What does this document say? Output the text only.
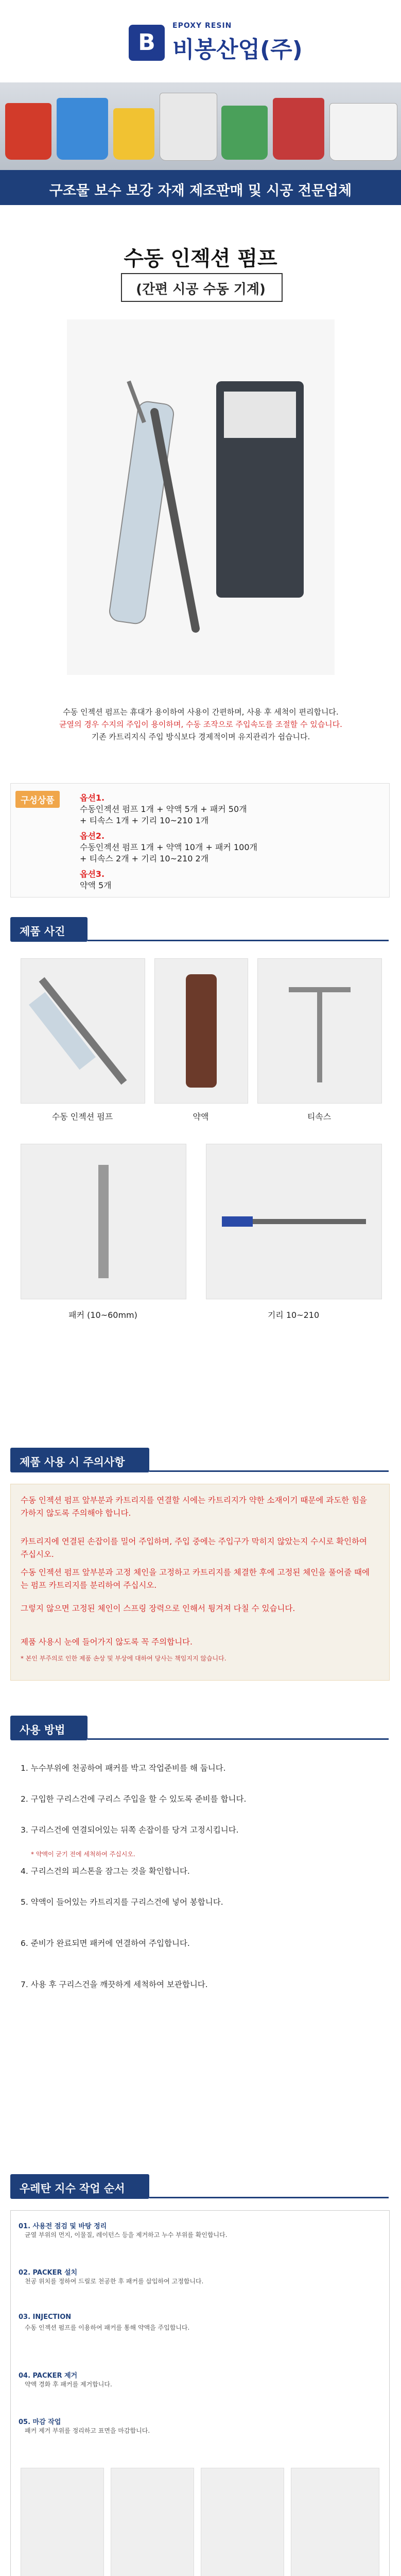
B
EPOXY RESIN
비봉산업(주)
구조물 보수 보강 자재 제조판매 및 시공 전문업체
수동 인젝션 펌프
(간편 시공 수동 기계)
수동 인젝션 펌프는 휴대가 용이하여 사용이 간편하며, 사용 후 세척이 편리합니다.
균열의 경우 수지의 주입이 용이하며, 수동 조작으로 주입속도를 조절할 수 있습니다.
기존 카트리지식 주입 방식보다 경제적이며 유지관리가 쉽습니다.
구성상품	옵션1.
수동인젝션 펌프 1개 + 약액 5개 + 패커 50개
+ 티속스 1개 + 기리 10~210 1개
옵션2.
수동인젝션 펌프 1개 + 약액 10개 + 패커 100개
+ 티속스 2개 + 기리 10~210 2개
옵션3.
약액 5개
제품 사진
수동 인젝션 펌프	약액	티속스
패커 (10~60mm)	기리 10~210
제품 사용 시 주의사항
수동 인젝션 펌프 앞부분과 카트리지를 연결할 시에는 카트리지가 약한 소재이기 때문에 과도한 힘을 가하지 않도록 주의해야 합니다.
카트리지에 연결된 손잡이를 밀어 주입하며, 주입 중에는 주입구가 막히지 않았는지 수시로 확인하여 주십시오.
수동 인젝션 펌프 앞부분과 고정 체인을 고정하고 카트리지를 체결한 후에 고정된 체인을 풀어줄 때에는 펌프 카트리지를 분리하여 주십시오.
그렇지 않으면 고정된 체인이 스프링 장력으로 인해서 튕겨져 다칠 수 있습니다.
제품 사용시 눈에 들어가지 않도록 꼭 주의합니다.
* 본인 부주의로 인한 제품 손상 및 부상에 대하여 당사는 책임지지 않습니다.
사용 방법
1. 누수부위에 천공하여 패커를 박고 작업준비를 해 둡니다.
2. 구입한 구리스건에 구리스 주입을 할 수 있도록 준비를 합니다.
3. 구리스건에 연결되어있는 뒤쪽 손잡이를 당겨 고정시킵니다.
4. 구리스건의 피스톤을 잠그는 것을 확인합니다.
5. 약액이 들어있는 카트리지를 구리스건에 넣어 봉합니다.
6. 준비가 완료되면 패커에 연결하여 주입합니다.
7. 사용 후 구리스건을 깨끗하게 세척하여 보관합니다.
* 약액이 굳기 전에 세척하여 주십시오.
우레탄 지수 작업 순서
01. 사용전 점검 및 바탕 정리
균열 부위의 먼지, 이물질, 레이턴스 등을 제거하고 누수 부위를 확인합니다.
02. PACKER 설치
천공 위치를 정하여 드릴로 천공한 후 패커를 삽입하여 고정합니다.
03. INJECTION
수동 인젝션 펌프를 이용하여 패커를 통해 약액을 주입합니다.
04. PACKER 제거
약액 경화 후 패커를 제거합니다.
05. 마감 작업
패커 제거 부위를 정리하고 표면을 마감합니다.
